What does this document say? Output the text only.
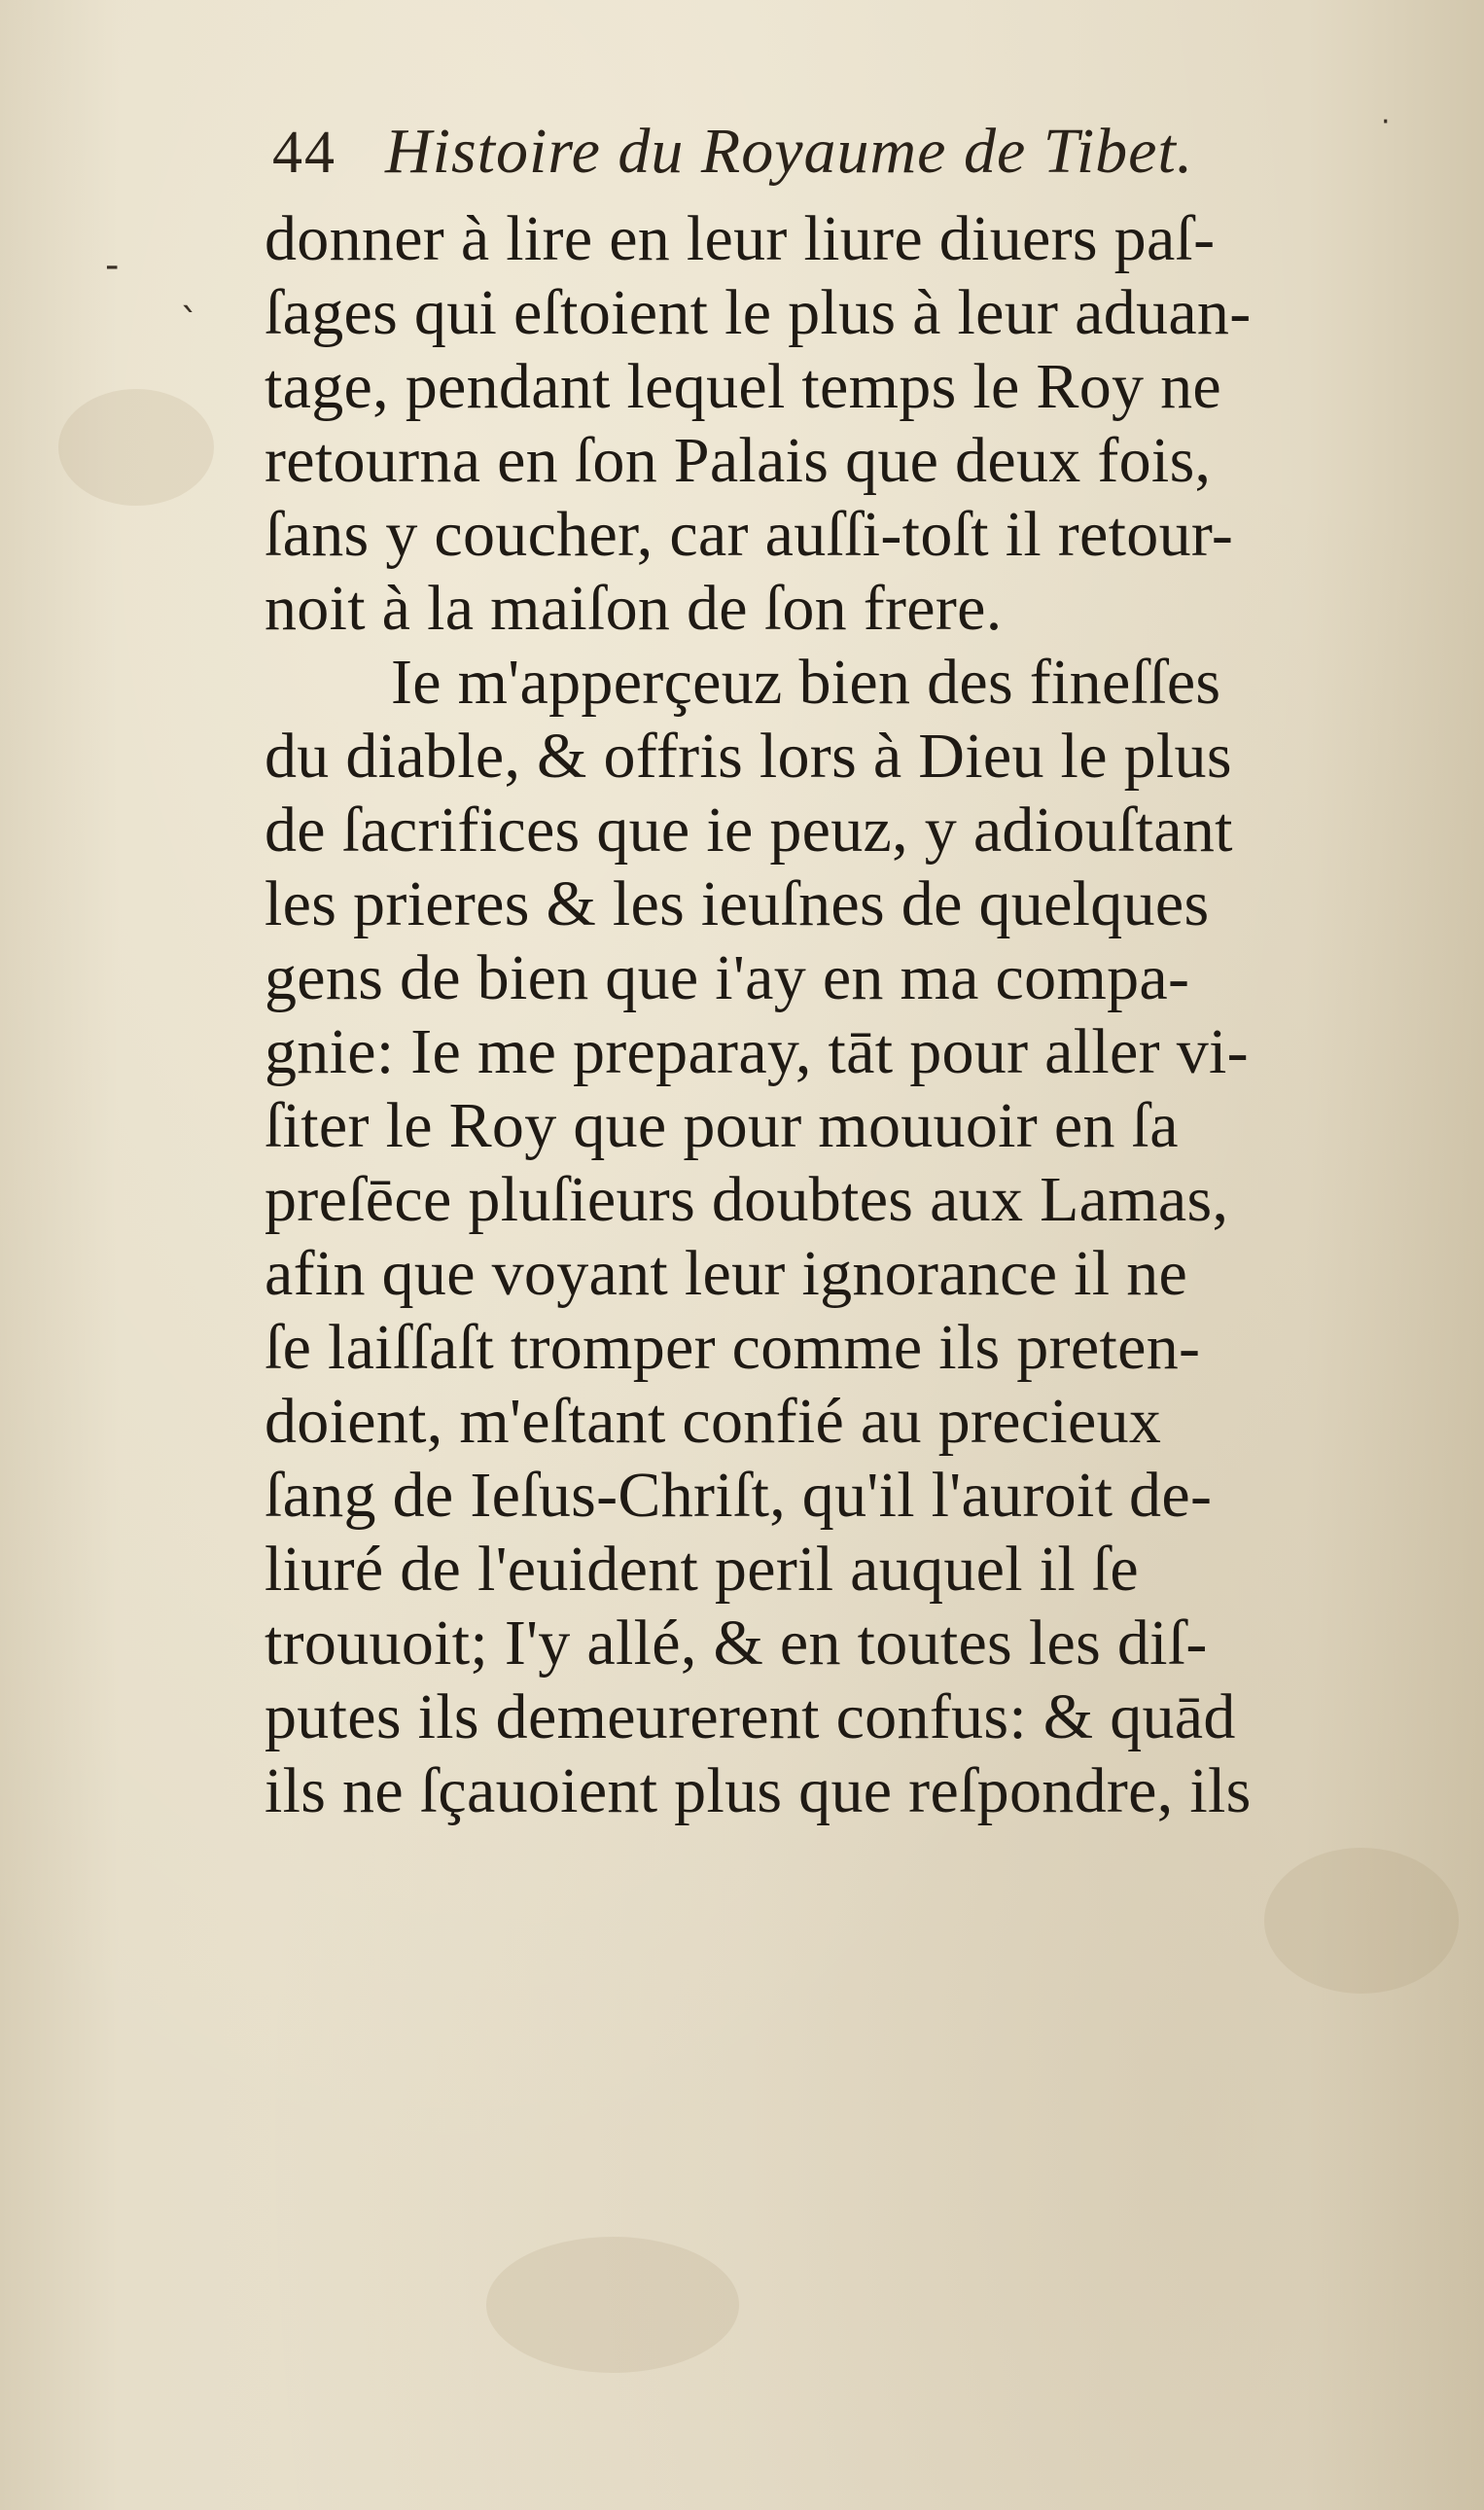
·
-
`
44 Histoire du Royaume de Tibet.
donner à lire en leur liure diuers paſ-
ſages qui eſtoient le plus à leur aduan-
tage, pendant lequel temps le Roy ne
retourna en ſon Palais que deux fois,
ſans y coucher, car auſſi-toſt il retour-
noit à la maiſon de ſon frere.
Ie m'apperçeuz bien des fineſſes
du diable, & offris lors à Dieu le plus
de ſacrifices que ie peuz, y adiouſtant
les prieres & les ieuſnes de quelques
gens de bien que i'ay en ma compa-
gnie: Ie me preparay, tāt pour aller vi-
ſiter le Roy que pour mouuoir en ſa
preſēce pluſieurs doubtes aux Lamas,
afin que voyant leur ignorance il ne
ſe laiſſaſt tromper comme ils preten-
doient, m'eſtant confié au precieux
ſang de Ieſus-Chriſt, qu'il l'auroit de-
liuré de l'euident peril auquel il ſe
trouuoit; I'y allé, & en toutes les diſ-
putes ils demeurerent confus: & quād
ils ne ſçauoient plus que reſpondre, ils
